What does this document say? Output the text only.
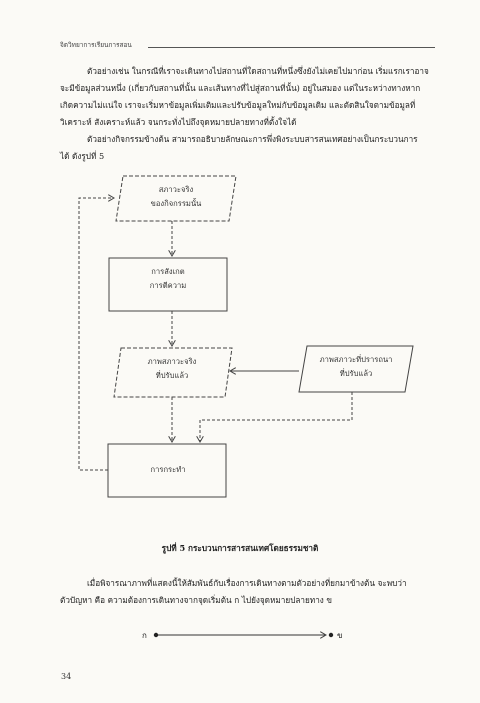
จิตวิทยาการเรียนการสอน
ตัวอย่างเช่น ในกรณีที่เราจะเดินทางไปสถานที่ใดสถานที่หนึ่งซึ่งยังไม่เคยไปมาก่อน เริ่มแรกเราอาจ
จะมีข้อมูลส่วนหนึ่ง (เกี่ยวกับสถานที่นั้น และเส้นทางที่ไปสู่สถานที่นั้น) อยู่ในสมอง แต่ในระหว่างทางหาก
เกิดความไม่แน่ใจ เราจะเริ่มหาข้อมูลเพิ่มเติมและปรับข้อมูลใหม่กับข้อมูลเดิม และตัดสินใจตามข้อมูลที่
วิเคราะห์ สังเคราะห์แล้ว จนกระทั่งไปถึงจุดหมายปลายทางที่ตั้งใจได้
ตัวอย่างกิจกรรมข้างต้น สามารถอธิบายลักษณะการพึ่งพิงระบบสารสนเทศอย่างเป็นกระบวนการ
ได้ ดังรูปที่ 5
สภาวะจริง
ของกิจกรรมนั้น
การสังเกต
การตีความ
ภาพสภาวะจริง
ที่ปรับแล้ว
ภาพสภาวะที่ปรารถนา
ที่ปรับแล้ว
การกระทำ
รูปที่ 5 กระบวนการสารสนเทศโดยธรรมชาติ
เมื่อพิจารณาภาพที่แสดงนี้ให้สัมพันธ์กับเรื่องการเดินทางตามตัวอย่างที่ยกมาข้างต้น จะพบว่า
ตัวปัญหา คือ ความต้องการเดินทางจากจุดเริ่มต้น ก ไปยังจุดหมายปลายทาง ข
ก	ข
34
